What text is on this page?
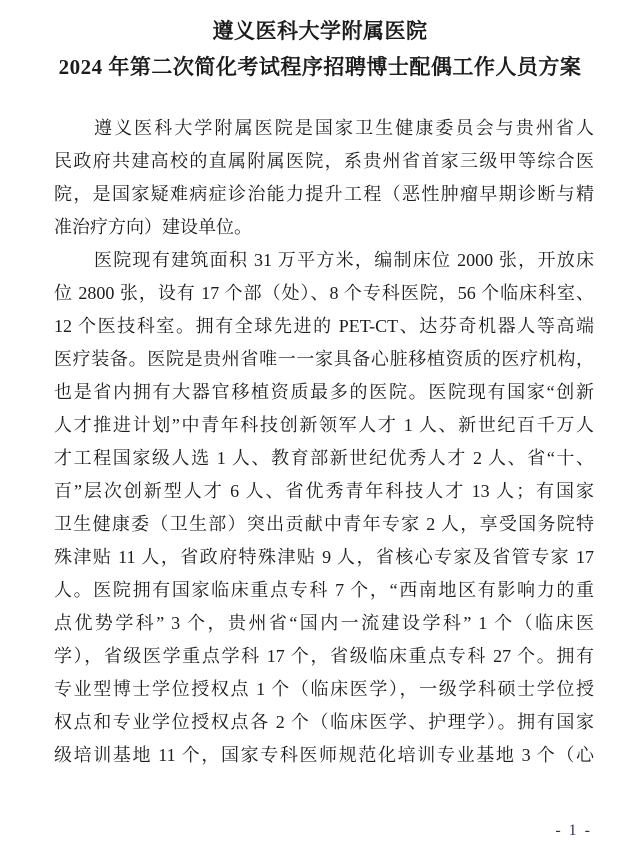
遵义医科大学附属医院
2024 年第二次简化考试程序招聘博士配偶工作人员方案
遵义医科大学附属医院是国家卫生健康委员会与贵州省人
民政府共建高校的直属附属医院，系贵州省首家三级甲等综合医
院，是国家疑难病症诊治能力提升工程（恶性肿瘤早期诊断与精
准治疗方向）建设单位。
医院现有建筑面积 31 万平方米，编制床位 2000 张，开放床
位 2800 张，设有 17 个部（处）、8 个专科医院，56 个临床科室、
12 个医技科室。拥有全球先进的 PET-CT、达芬奇机器人等高端
医疗装备。医院是贵州省唯一一家具备心脏移植资质的医疗机构，
也是省内拥有大器官移植资质最多的医院。医院现有国家“创新
人才推进计划”中青年科技创新领军人才 1 人、新世纪百千万人
才工程国家级人选 1 人、教育部新世纪优秀人才 2 人、省“十、
百”层次创新型人才 6 人、省优秀青年科技人才 13 人；有国家
卫生健康委（卫生部）突出贡献中青年专家 2 人，享受国务院特
殊津贴 11 人，省政府特殊津贴 9 人，省核心专家及省管专家 17
人。医院拥有国家临床重点专科 7 个，“西南地区有影响力的重
点优势学科” 3 个，贵州省“国内一流建设学科” 1 个（临床医
学），省级医学重点学科 17 个，省级临床重点专科 27 个。拥有
专业型博士学位授权点 1 个（临床医学），一级学科硕士学位授
权点和专业学位授权点各 2 个（临床医学、护理学）。拥有国家
级培训基地 11 个，国家专科医师规范化培训专业基地 3 个（心
- 1 -
